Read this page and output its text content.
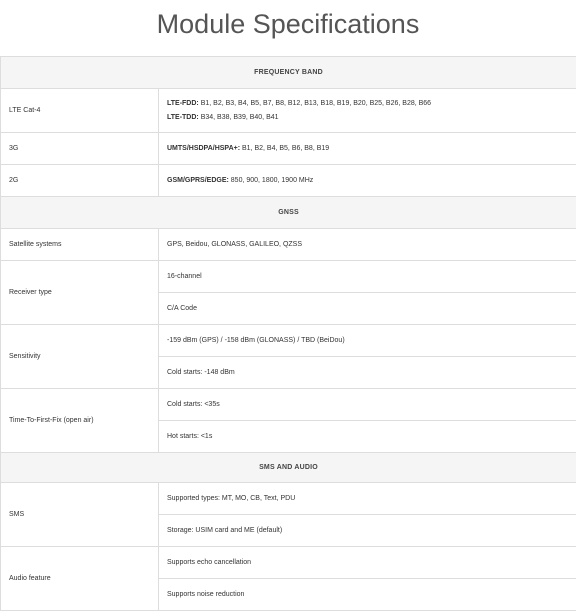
Module Specifications
FREQUENCY BAND	
LTE Cat-4	LTE-FDD: B1, B2, B3, B4, B5, B7, B8, B12, B13, B18, B19, B20, B25, B26, B28, B66
LTE-TDD: B34, B38, B39, B40, B41

3G	UMTS/HSDPA/HSPA+: B1, B2, B4, B5, B6, B8, B19
2G	GSM/GPRS/EDGE: 850, 900, 1800, 1900 MHz
GNSS	
Satellite systems	GPS, Beidou, GLONASS, GALILEO, QZSS
Receiver type	16-channel
	C/A Code
Sensitivity	-159 dBm (GPS) / -158 dBm (GLONASS) / TBD (BeiDou)
	Cold starts: -148 dBm
Time-To-First-Fix (open air)	Cold starts: <35s
	Hot starts: <1s
SMS AND AUDIO	
SMS	Supported types: MT, MO, CB, Text, PDU
	Storage: USIM card and ME (default)
Audio feature	Supports echo cancellation
	Supports noise reduction
